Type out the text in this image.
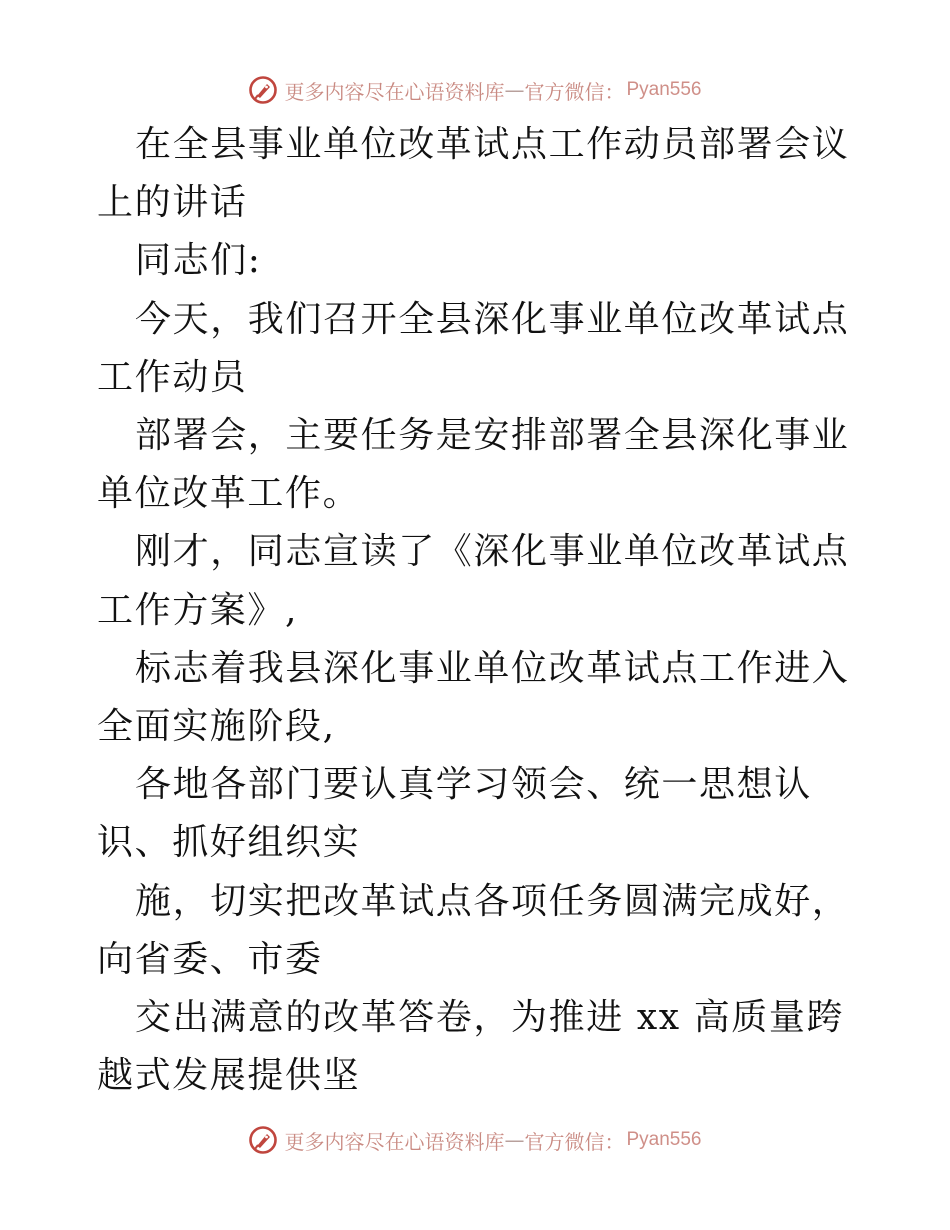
更多内容尽在心语资料库 — 官方微信： Pyan556

在全县事业单位改革试点工作动员部署会议上的讲话

同志们:

今天，我们召开全县深化事业单位改革试点工作动员

部署会，主要任务是安排部署全县深化事业单位改革工作。

刚才，同志宣读了《深化事业单位改革试点工作方案》,

标志着我县深化事业单位改革试点工作进入全面实施阶段,

各地各部门要认真学习领会、统一思想认识、抓好组织实

施，切实把改革试点各项任务圆满完成好，向省委、市委

交出满意的改革答卷，为推进 xx 高质量跨越式发展提供坚

更多内容尽在心语资料库 — 官方微信： Pyan556
